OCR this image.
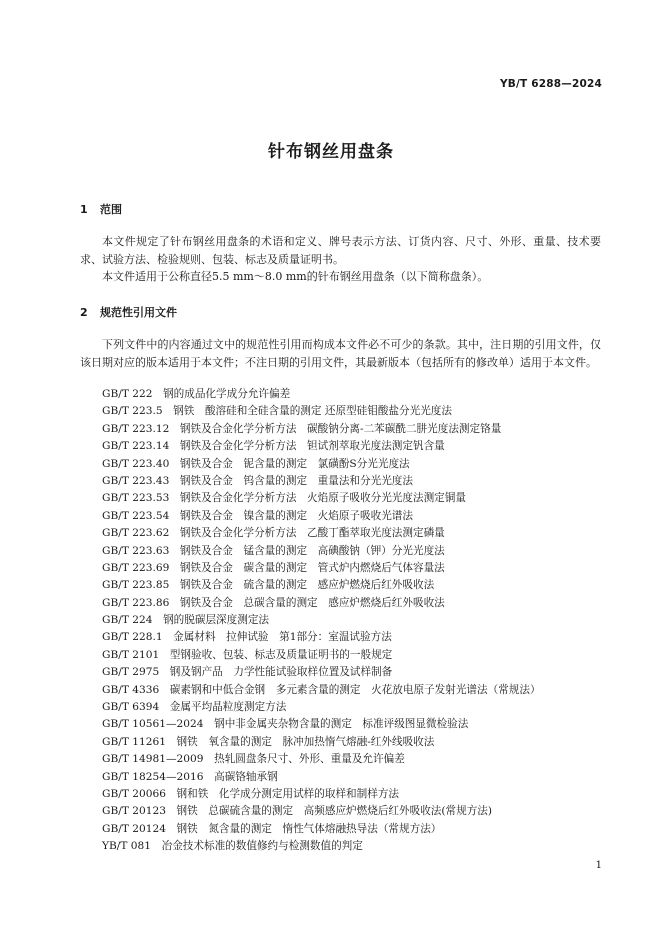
YB/T 6288—2024
针布钢丝用盘条
1 范围

本文件规定了针布钢丝用盘条的术语和定义、牌号表示方法、订货内容、尺寸、外形、重量、技术要求、试验方法、检验规则、包装、标志及质量证明书。

本文件适用于公称直径5.5 mm～8.0 mm的针布钢丝用盘条（以下简称盘条）。

2 规范性引用文件

下列文件中的内容通过文中的规范性引用而构成本文件必不可少的条款。其中，注日期的引用文件，仅该日期对应的版本适用于本文件；不注日期的引用文件，其最新版本（包括所有的修改单）适用于本文件。

GB/T 222　钢的成品化学成分允许偏差
GB/T 223.5　钢铁　酸溶硅和全硅含量的测定 还原型硅钼酸盐分光光度法
GB/T 223.12　钢铁及合金化学分析方法　碳酸钠分离-二苯碳酰二肼光度法测定铬量
GB/T 223.14　钢铁及合金化学分析方法　钽试剂萃取光度法测定钒含量
GB/T 223.40　钢铁及合金　铌含量的测定　氯磺酚S分光光度法
GB/T 223.43　钢铁及合金　钨含量的测定　重量法和分光光度法
GB/T 223.53　钢铁及合金化学分析方法　火焰原子吸收分光光度法测定铜量
GB/T 223.54　钢铁及合金　镍含量的测定　火焰原子吸收光谱法
GB/T 223.62　钢铁及合金化学分析方法　乙酸丁酯萃取光度法测定磷量
GB/T 223.63　钢铁及合金　锰含量的测定　高碘酸钠（钾）分光光度法
GB/T 223.69　钢铁及合金　碳含量的测定　管式炉内燃烧后气体容量法
GB/T 223.85　钢铁及合金　硫含量的测定　感应炉燃烧后红外吸收法
GB/T 223.86　钢铁及合金　总碳含量的测定　感应炉燃烧后红外吸收法
GB/T 224　钢的脱碳层深度测定法
GB/T 228.1　金属材料　拉伸试验　第1部分：室温试验方法
GB/T 2101　型钢验收、包装、标志及质量证明书的一般规定
GB/T 2975　钢及钢产品　力学性能试验取样位置及试样制备
GB/T 4336　碳素钢和中低合金钢　多元素含量的测定　火花放电原子发射光谱法（常规法）
GB/T 6394　金属平均晶粒度测定方法
GB/T 10561—2024　钢中非金属夹杂物含量的测定　标准评级图显微检验法
GB/T 11261　钢铁　氧含量的测定　脉冲加热惰气熔融-红外线吸收法
GB/T 14981—2009　热轧圆盘条尺寸、外形、重量及允许偏差
GB/T 18254—2016　高碳铬轴承钢
GB/T 20066　钢和铁　化学成分测定用试样的取样和制样方法
GB/T 20123　钢铁　总碳硫含量的测定　高频感应炉燃烧后红外吸收法(常规方法)
GB/T 20124　钢铁　氮含量的测定　惰性气体熔融热导法（常规方法）
YB/T 081　冶金技术标准的数值修约与检测数值的判定
1
